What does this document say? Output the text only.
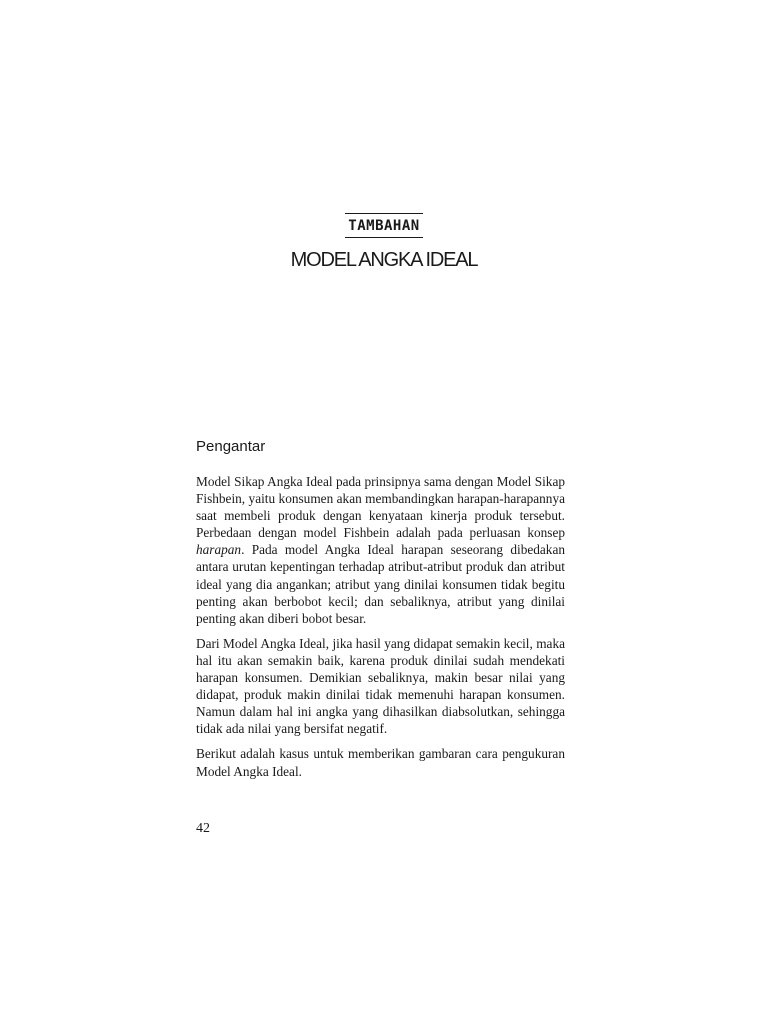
TAMBAHAN
MODEL ANGKA IDEAL
Pengantar

Model Sikap Angka Ideal pada prinsipnya sama dengan Model Sikap Fishbein, yaitu konsumen akan membandingkan harapan-harapannya saat membeli produk dengan kenyataan kinerja produk tersebut. Perbedaan dengan model Fishbein adalah pada perluasan konsep harapan. Pada model Angka Ideal harapan seseorang dibedakan antara urutan kepentingan terhadap atribut-atribut produk dan atribut ideal yang dia angankan; atribut yang dinilai konsumen tidak begitu penting akan berbobot kecil; dan sebaliknya, atribut yang dinilai penting akan diberi bobot besar.

Dari Model Angka Ideal, jika hasil yang didapat semakin kecil, maka hal itu akan semakin baik, karena produk dinilai sudah mendekati harapan konsumen. Demikian sebaliknya, makin besar nilai yang didapat, produk makin dinilai tidak memenuhi harapan konsumen. Namun dalam hal ini angka yang dihasilkan diabsolutkan, sehingga tidak ada nilai yang bersifat negatif.

Berikut adalah kasus untuk memberikan gambaran cara pengukuran Model Angka Ideal.

42
